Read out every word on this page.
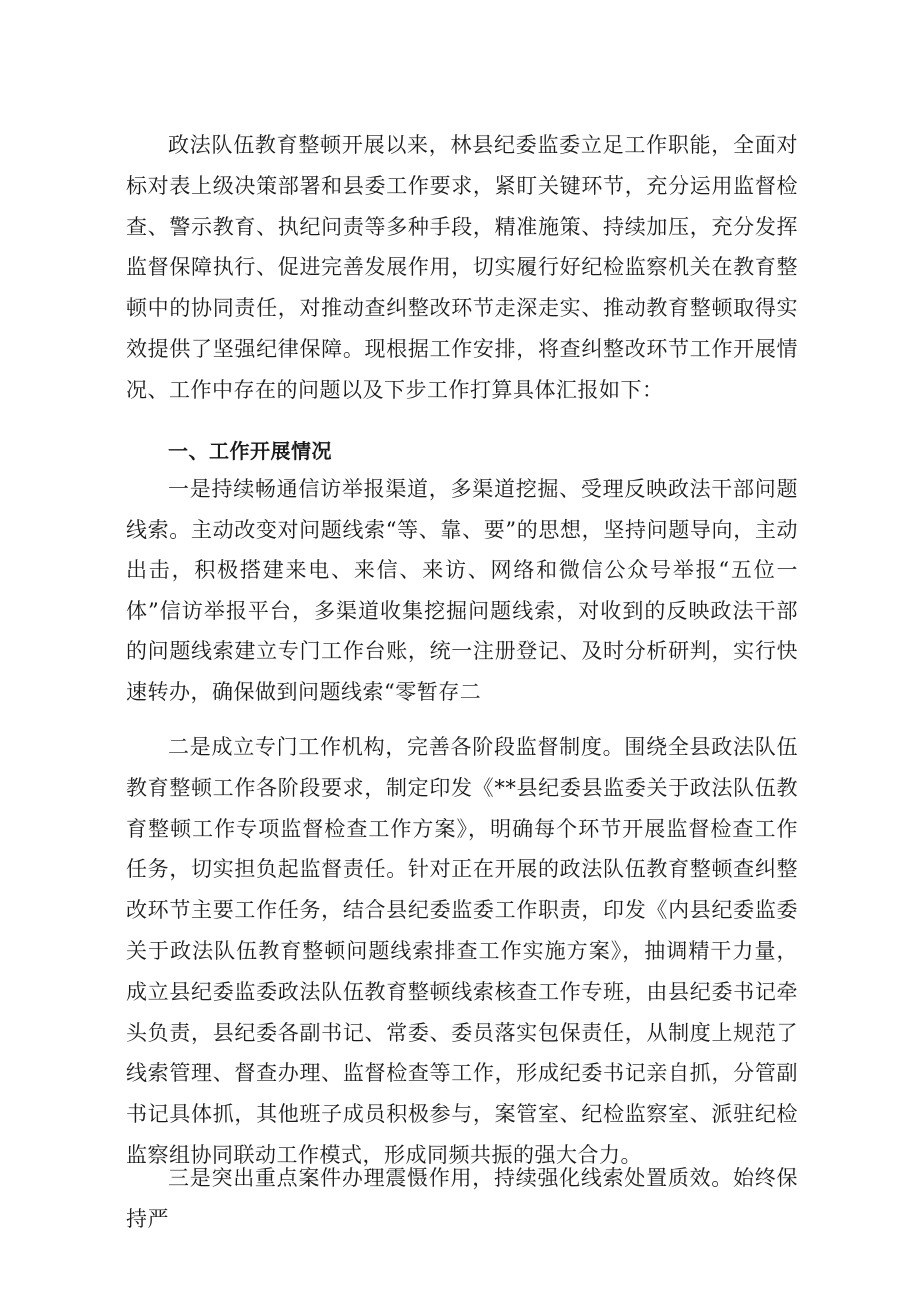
政法队伍教育整顿开展以来，林县纪委监委立足工作职能，全面对标对表上级决策部署和县委工作要求，紧盯关键环节，充分运用监督检查、警示教育、执纪问责等多种手段，精准施策、持续加压，充分发挥监督保障执行、促进完善发展作用，切实履行好纪检监察机关在教育整顿中的协同责任，对推动查纠整改环节走深走实、推动教育整顿取得实效提供了坚强纪律保障。现根据工作安排，将查纠整改环节工作开展情况、工作中存在的问题以及下步工作打算具体汇报如下：
一、工作开展情况
一是持续畅通信访举报渠道，多渠道挖掘、受理反映政法干部问题线索。主动改变对问题线索“等、靠、要”的思想，坚持问题导向，主动出击，积极搭建来电、来信、来访、网络和微信公众号举报“五位一体”信访举报平台，多渠道收集挖掘问题线索，对收到的反映政法干部的问题线索建立专门工作台账，统一注册登记、及时分析研判，实行快速转办，确保做到问题线索“零暂存二
二是成立专门工作机构，完善各阶段监督制度。围绕全县政法队伍教育整顿工作各阶段要求，制定印发《**县纪委县监委关于政法队伍教育整顿工作专项监督检查工作方案》，明确每个环节开展监督检查工作任务，切实担负起监督责任。针对正在开展的政法队伍教育整顿查纠整改环节主要工作任务，结合县纪委监委工作职责，印发《内县纪委监委关于政法队伍教育整顿问题线索排查工作实施方案》，抽调精干力量，成立县纪委监委政法队伍教育整顿线索核查工作专班，由县纪委书记牵头负责，县纪委各副书记、常委、委员落实包保责任，从制度上规范了线索管理、督查办理、监督检查等工作，形成纪委书记亲自抓，分管副书记具体抓，其他班子成员积极参与，案管室、纪检监察室、派驻纪检监察组协同联动工作模式，形成同频共振的强大合力。
三是突出重点案件办理震慑作用，持续强化线索处置质效。始终保持严
